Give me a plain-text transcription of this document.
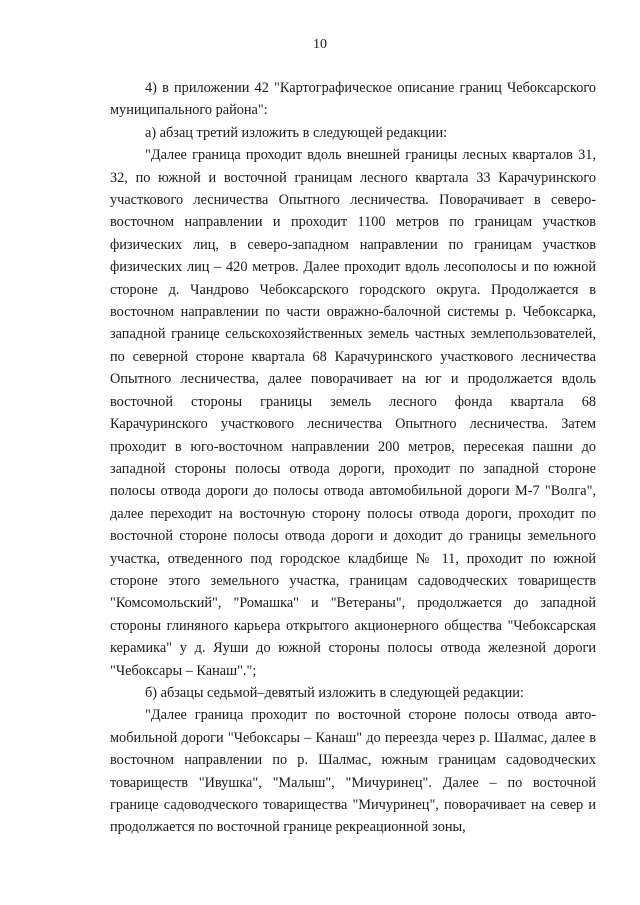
10

4) в приложении 42 "Картографическое описание границ Чебоксарского муниципального района":

а) абзац третий изложить в следующей редакции:

"Далее граница проходит вдоль внешней границы лесных кварталов 31, 32, по южной и восточной границам лесного квартала 33 Карачуринского участкового лесничества Опытного лесничества. Поворачивает в северо-восточном направлении и проходит 1100 метров по границам участков физических лиц, в северо-западном направлении по границам участков физических лиц – 420 метров. Далее проходит вдоль лесополосы и по южной стороне д. Чандрово Чебоксарского городского округа. Продолжается в восточном направлении по части овражно-балочной системы р. Чебоксарка, западной границе сельскохозяйственных земель частных землепользователей, по северной стороне квартала 68 Карачуринского участкового лесничества Опытного лесничества, далее поворачивает на юг и продолжается вдоль восточной стороны границы земель лесного фонда квартала 68 Карачуринского участкового лесничества Опытного лесничества. Затем проходит в юго-восточном направлении 200 метров, пересекая пашни до западной стороны полосы отвода дороги, проходит по западной стороне полосы отвода дороги до полосы отвода автомобильной дороги М-7 "Волга", далее переходит на восточную сторону полосы отвода дороги, проходит по восточной стороне полосы отвода дороги и доходит до границы земельного участка, отведенного под городское кладбище № 11, проходит по южной стороне этого земельного участка, границам садоводческих товариществ "Комсомольский", "Ромашка" и "Ветераны", продолжается до западной стороны глиняного карьера открытого акционерного общества "Чебоксарская керамика" у д. Яуши до южной стороны полосы отвода железной дороги "Чебоксары – Канаш".";

б) абзацы седьмой–девятый изложить в следующей редакции:

"Далее граница проходит по восточной стороне полосы отвода автомобильной дороги "Чебоксары – Канаш" до переезда через р. Шалмас, далее в восточном направлении по р. Шалмас, южным границам садоводческих товариществ "Ивушка", "Малыш", "Мичуринец". Далее – по восточной границе садоводческого товарищества "Мичуринец", поворачивает на север и продолжается по восточной границе рекреационной зоны,
